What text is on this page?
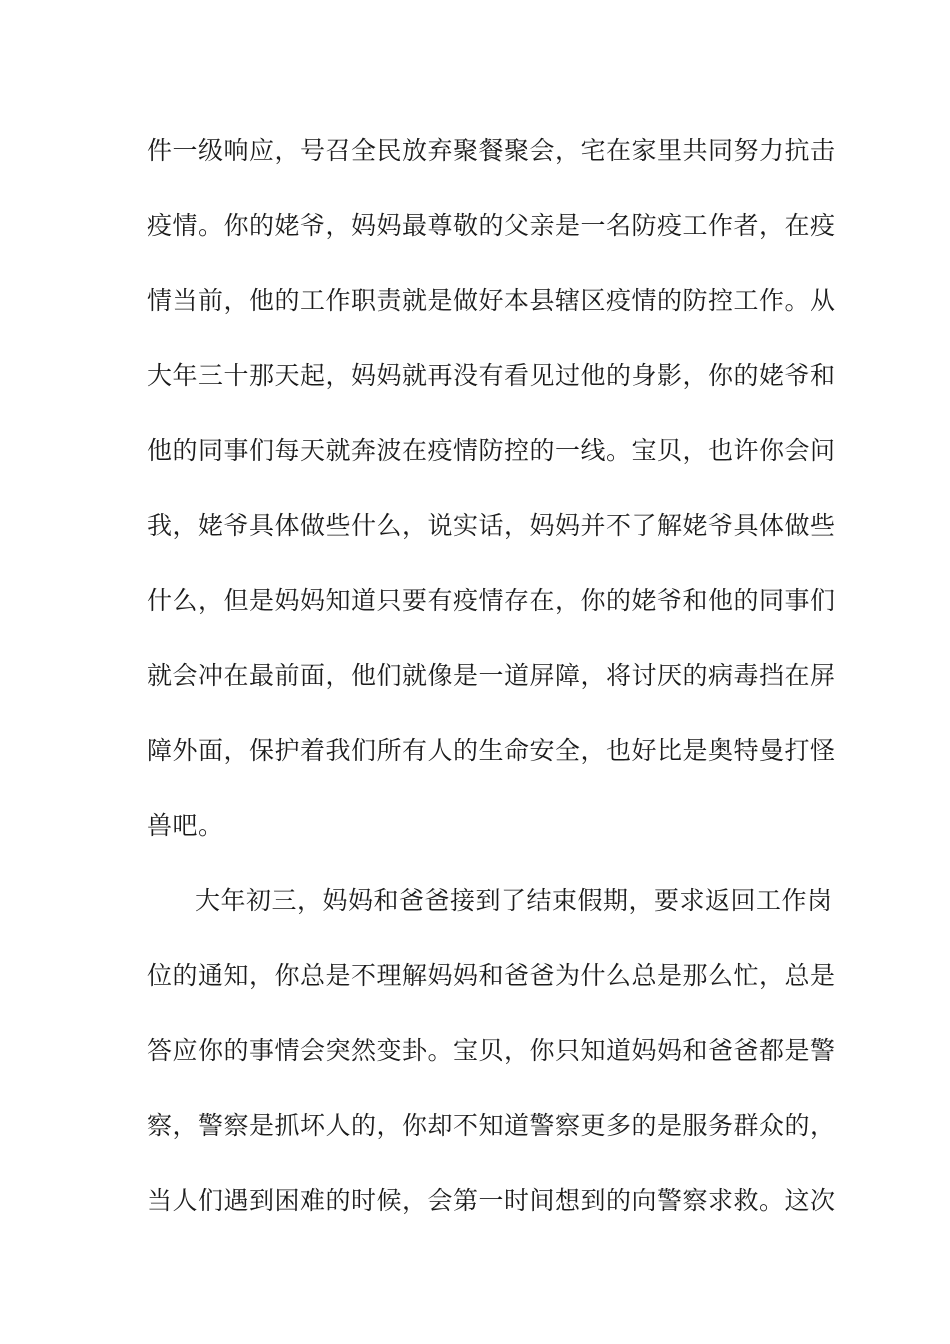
件一级响应，号召全民放弃聚餐聚会，宅在家里共同努力抗击
疫情。你的姥爷，妈妈最尊敬的父亲是一名防疫工作者，在疫
情当前，他的工作职责就是做好本县辖区疫情的防控工作。从
大年三十那天起，妈妈就再没有看见过他的身影，你的姥爷和
他的同事们每天就奔波在疫情防控的一线。宝贝，也许你会问
我，姥爷具体做些什么，说实话，妈妈并不了解姥爷具体做些
什么，但是妈妈知道只要有疫情存在，你的姥爷和他的同事们
就会冲在最前面，他们就像是一道屏障，将讨厌的病毒挡在屏
障外面，保护着我们所有人的生命安全，也好比是奥特曼打怪
兽吧。
大年初三，妈妈和爸爸接到了结束假期，要求返回工作岗
位的通知，你总是不理解妈妈和爸爸为什么总是那么忙，总是
答应你的事情会突然变卦。宝贝，你只知道妈妈和爸爸都是警
察，警察是抓坏人的，你却不知道警察更多的是服务群众的，
当人们遇到困难的时候，会第一时间想到的向警察求救。这次
